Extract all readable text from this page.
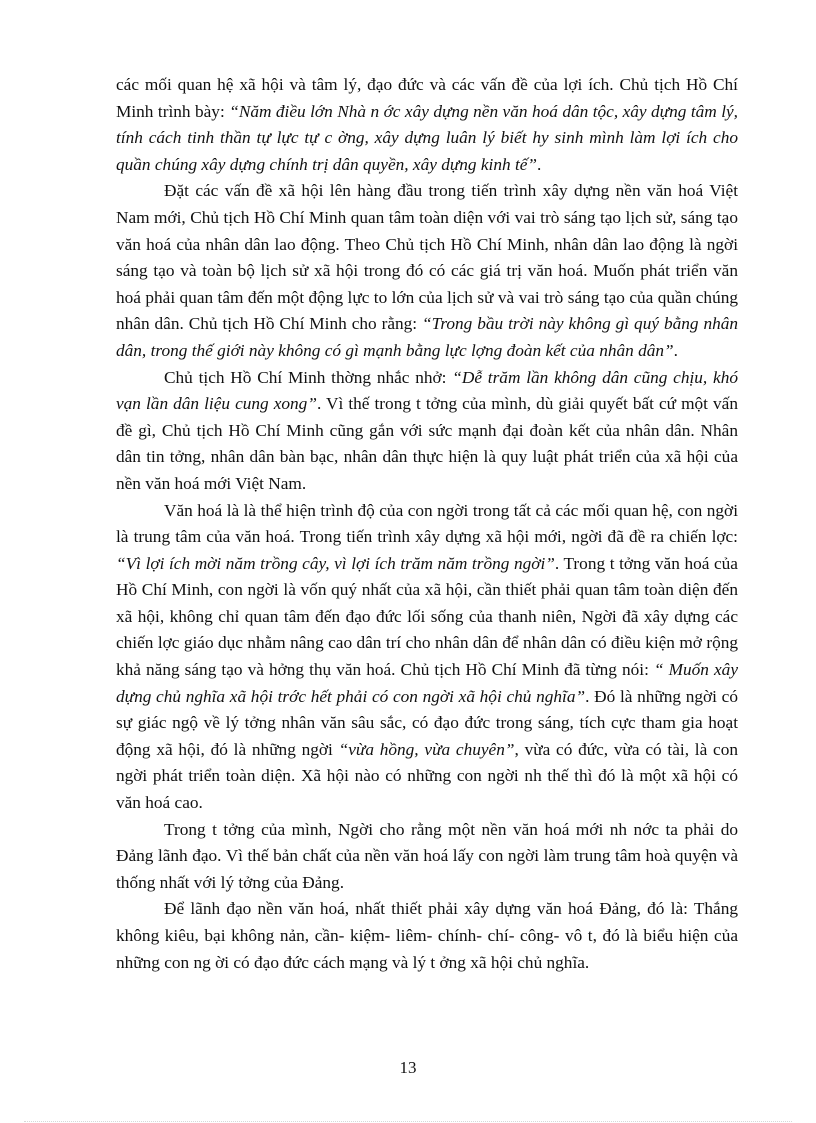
các mối quan hệ xã hội và tâm lý, đạo đức và các vấn đề của lợi ích. Chủ tịch Hồ Chí Minh trình bày: “Năm điều lớn Nhà n ớc xây dựng nền văn hoá dân tộc, xây dựng tâm lý, tính cách tinh thần tự lực tự c ờng, xây dựng luân lý biết hy sinh mình làm lợi ích cho quần chúng xây dựng chính trị dân quyền, xây dựng kinh tế”.

Đặt các vấn đề xã hội lên hàng đầu trong tiến trình xây dựng nền văn hoá Việt Nam mới, Chủ tịch Hồ Chí Minh quan tâm toàn diện với vai trò sáng tạo lịch sử, sáng tạo văn hoá của nhân dân lao động. Theo Chủ tịch Hồ Chí Minh, nhân dân lao động là ngời sáng tạo và toàn bộ lịch sử xã hội trong đó có các giá trị văn hoá. Muốn phát triển văn hoá phải quan tâm đến một động lực to lớn của lịch sử và vai trò sáng tạo của quần chúng nhân dân. Chủ tịch Hồ Chí Minh cho rằng: “Trong bầu trời này không gì quý bằng nhân dân, trong thế giới này không có gì mạnh bằng lực lợng đoàn kết của nhân dân”.

Chủ tịch Hồ Chí Minh thờng nhắc nhở: “Dễ trăm lần không dân cũng chịu, khó vạn lần dân liệu cung xong”. Vì thế trong t tởng của mình, dù giải quyết bất cứ một vấn đề gì, Chủ tịch Hồ Chí Minh cũng gắn với sức mạnh đại đoàn kết của nhân dân. Nhân dân tin tởng, nhân dân bàn bạc, nhân dân thực hiện là quy luật phát triển của xã hội của nền văn hoá mới Việt Nam.

Văn hoá là là thể hiện trình độ của con ngời trong tất cả các mối quan hệ, con ngời là trung tâm của văn hoá. Trong tiến trình xây dựng xã hội mới, ngời đã đề ra chiến lợc: “Vì lợi ích mời năm trồng cây, vì lợi ích trăm năm trồng ngời”. Trong t tởng văn hoá của Hồ Chí Minh, con ngời là vốn quý nhất của xã hội, cần thiết phải quan tâm toàn diện đến xã hội, không chỉ quan tâm đến đạo đức lối sống của thanh niên, Ngời đã xây dựng các chiến lợc giáo dục nhằm nâng cao dân trí cho nhân dân để nhân dân có điều kiện mở rộng khả năng sáng tạo và hởng thụ văn hoá. Chủ tịch Hồ Chí Minh đã từng nói: “ Muốn xây dựng chủ nghĩa xã hội trớc hết phải có con ngời xã hội chủ nghĩa”. Đó là những ngời có sự giác ngộ về lý tởng nhân văn sâu sắc, có đạo đức trong sáng, tích cực tham gia hoạt động xã hội, đó là những ngời “vừa hồng, vừa chuyên”, vừa có đức, vừa có tài, là con ngời phát triển toàn diện. Xã hội nào có những con ngời nh thế thì đó là một xã hội có văn hoá cao.

Trong t tởng của mình, Ngời cho rằng một nền văn hoá mới nh nớc ta phải do Đảng lãnh đạo. Vì thế bản chất của nền văn hoá lấy con ngời làm trung tâm hoà quyện và thống nhất với lý tởng của Đảng.

Để lãnh đạo nền văn hoá, nhất thiết phải xây dựng văn hoá Đảng, đó là: Thắng không kiêu, bại không nản, cần- kiệm- liêm- chính- chí- công- vô t, đó là biểu hiện của những con ng ời có đạo đức cách mạng và lý t ởng xã hội chủ nghĩa.

13
